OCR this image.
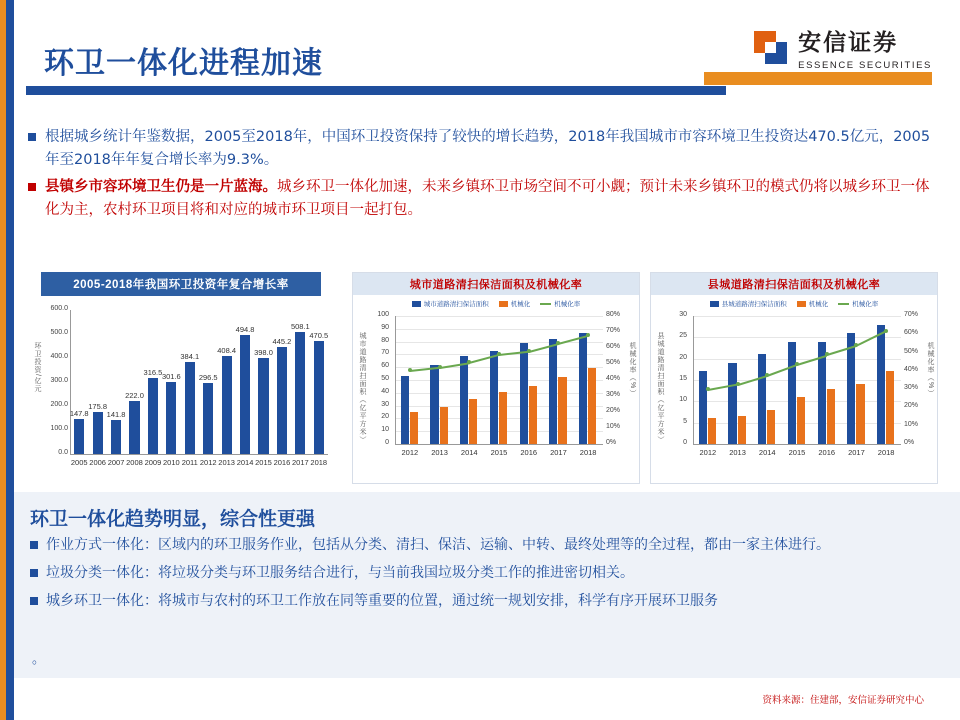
环卫一体化进程加速
安信证券
ESSENCE SECURITIES
根据城乡统计年鉴数据，2005至2018年，中国环卫投资保持了较快的增长趋势，2018年我国城市市容环境卫生投资达470.5亿元，2005年至2018年年复合增长率为9.3%。
县镇乡市容环境卫生仍是一片蓝海。城乡环卫一体化加速，未来乡镇环卫市场空间不可小觑；预计未来乡镇环卫的模式仍将以城乡环卫一体化为主，农村环卫项目将和对应的城市环卫项目一起打包。
2005-2018年我国环卫投资年复合增长率
环卫投资/亿元
600.0
500.0
400.0
300.0
200.0
100.0
0.0
147.8
2005
175.8
2006
141.8
2007
222.0
2008
316.5
2009
301.6
2010
384.1
2011
296.5
2012
408.4
2013
494.8
2014
398.0
2015
445.2
2016
508.1
2017
470.5
2018
城市道路清扫保洁面积及机械化率
城市道路清扫保洁面积	机械化	机械化率
城市道路清扫面积（亿平方米）	机械化率（%）
100
90
80
70
60
50
40
30
20
10
0
80%
70%
60%
50%
40%
30%
20%
10%
0%
2012	2013	2014	2015	2016	2017	2018
县城道路清扫保洁面积及机械化率
县城道路清扫保洁面积	机械化	机械化率
县城道路清扫面积（亿平方米）	机械化率（%）
30
25
20
15
10
5
0
70%
60%
50%
40%
30%
20%
10%
0%
2012	2013	2014	2015	2016	2017	2018
环卫一体化趋势明显，综合性更强
作业方式一体化：区域内的环卫服务作业，包括从分类、清扫、保洁、运输、中转、最终处理等的全过程，都由一家主体进行。
垃圾分类一体化：将垃圾分类与环卫服务结合进行，与当前我国垃圾分类工作的推进密切相关。
城乡环卫一体化：将城市与农村的环卫工作放在同等重要的位置，通过统一规划安排，科学有序开展环卫服务
。
资料来源：住建部，安信证券研究中心
